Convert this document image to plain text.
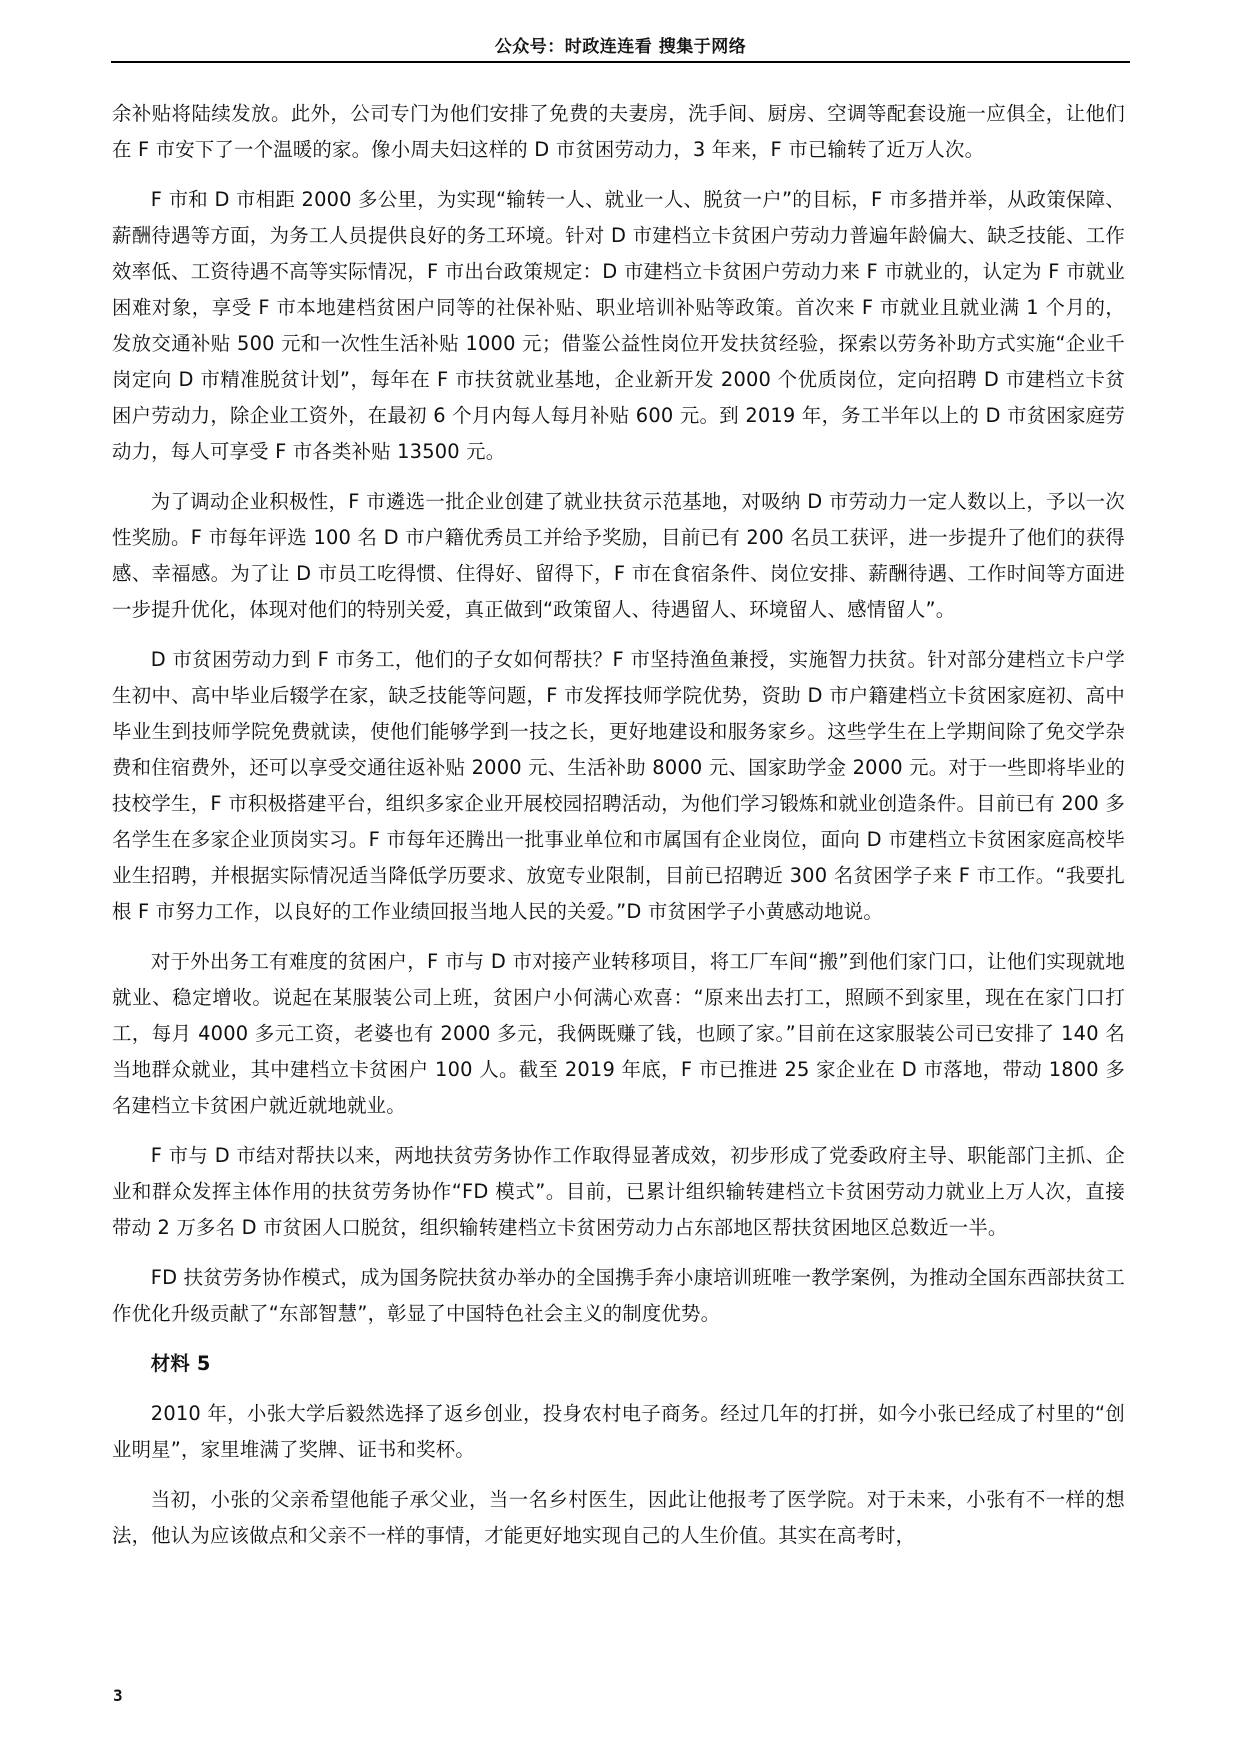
公众号：时政连连看 搜集于网络

余补贴将陆续发放。此外，公司专门为他们安排了免费的夫妻房，洗手间、厨房、空调等配套设施一应俱全，让他们在 F 市安下了一个温暖的家。像小周夫妇这样的 D 市贫困劳动力，3 年来，F 市已输转了近万人次。

F 市和 D 市相距 2000 多公里，为实现“输转一人、就业一人、脱贫一户”的目标，F 市多措并举，从政策保障、薪酬待遇等方面，为务工人员提供良好的务工环境。针对 D 市建档立卡贫困户劳动力普遍年龄偏大、缺乏技能、工作效率低、工资待遇不高等实际情况，F 市出台政策规定：D 市建档立卡贫困户劳动力来 F 市就业的，认定为 F 市就业困难对象，享受 F 市本地建档贫困户同等的社保补贴、职业培训补贴等政策。首次来 F 市就业且就业满 1 个月的，发放交通补贴 500 元和一次性生活补贴 1000 元；借鉴公益性岗位开发扶贫经验，探索以劳务补助方式实施“企业千岗定向 D 市精准脱贫计划”，每年在 F 市扶贫就业基地，企业新开发 2000 个优质岗位，定向招聘 D 市建档立卡贫困户劳动力，除企业工资外，在最初 6 个月内每人每月补贴 600 元。到 2019 年，务工半年以上的 D 市贫困家庭劳动力，每人可享受 F 市各类补贴 13500 元。

为了调动企业积极性，F 市遴选一批企业创建了就业扶贫示范基地，对吸纳 D 市劳动力一定人数以上，予以一次性奖励。F 市每年评选 100 名 D 市户籍优秀员工并给予奖励，目前已有 200 名员工获评，进一步提升了他们的获得感、幸福感。为了让 D 市员工吃得惯、住得好、留得下，F 市在食宿条件、岗位安排、薪酬待遇、工作时间等方面进一步提升优化，体现对他们的特别关爱，真正做到“政策留人、待遇留人、环境留人、感情留人”。

D 市贫困劳动力到 F 市务工，他们的子女如何帮扶？F 市坚持渔鱼兼授，实施智力扶贫。针对部分建档立卡户学生初中、高中毕业后辍学在家，缺乏技能等问题，F 市发挥技师学院优势，资助 D 市户籍建档立卡贫困家庭初、高中毕业生到技师学院免费就读，使他们能够学到一技之长，更好地建设和服务家乡。这些学生在上学期间除了免交学杂费和住宿费外，还可以享受交通往返补贴 2000 元、生活补助 8000 元、国家助学金 2000 元。对于一些即将毕业的技校学生，F 市积极搭建平台，组织多家企业开展校园招聘活动，为他们学习锻炼和就业创造条件。目前已有 200 多名学生在多家企业顶岗实习。F 市每年还腾出一批事业单位和市属国有企业岗位，面向 D 市建档立卡贫困家庭高校毕业生招聘，并根据实际情况适当降低学历要求、放宽专业限制，目前已招聘近 300 名贫困学子来 F 市工作。“我要扎根 F 市努力工作，以良好的工作业绩回报当地人民的关爱。”D 市贫困学子小黄感动地说。

对于外出务工有难度的贫困户，F 市与 D 市对接产业转移项目，将工厂车间“搬”到他们家门口，让他们实现就地就业、稳定增收。说起在某服装公司上班，贫困户小何满心欢喜：“原来出去打工，照顾不到家里，现在在家门口打工，每月 4000 多元工资，老婆也有 2000 多元，我俩既赚了钱，也顾了家。”目前在这家服装公司已安排了 140 名当地群众就业，其中建档立卡贫困户 100 人。截至 2019 年底，F 市已推进 25 家企业在 D 市落地，带动 1800 多名建档立卡贫困户就近就地就业。

F 市与 D 市结对帮扶以来，两地扶贫劳务协作工作取得显著成效，初步形成了党委政府主导、职能部门主抓、企业和群众发挥主体作用的扶贫劳务协作“FD 模式”。目前，已累计组织输转建档立卡贫困劳动力就业上万人次，直接带动 2 万多名 D 市贫困人口脱贫，组织输转建档立卡贫困劳动力占东部地区帮扶贫困地区总数近一半。

FD 扶贫劳务协作模式，成为国务院扶贫办举办的全国携手奔小康培训班唯一教学案例，为推动全国东西部扶贫工作优化升级贡献了“东部智慧”，彰显了中国特色社会主义的制度优势。

材料 5

2010 年，小张大学后毅然选择了返乡创业，投身农村电子商务。经过几年的打拼，如今小张已经成了村里的“创业明星”，家里堆满了奖牌、证书和奖杯。

当初，小张的父亲希望他能子承父业，当一名乡村医生，因此让他报考了医学院。对于未来，小张有不一样的想法，他认为应该做点和父亲不一样的事情，才能更好地实现自己的人生价值。其实在高考时，

3
